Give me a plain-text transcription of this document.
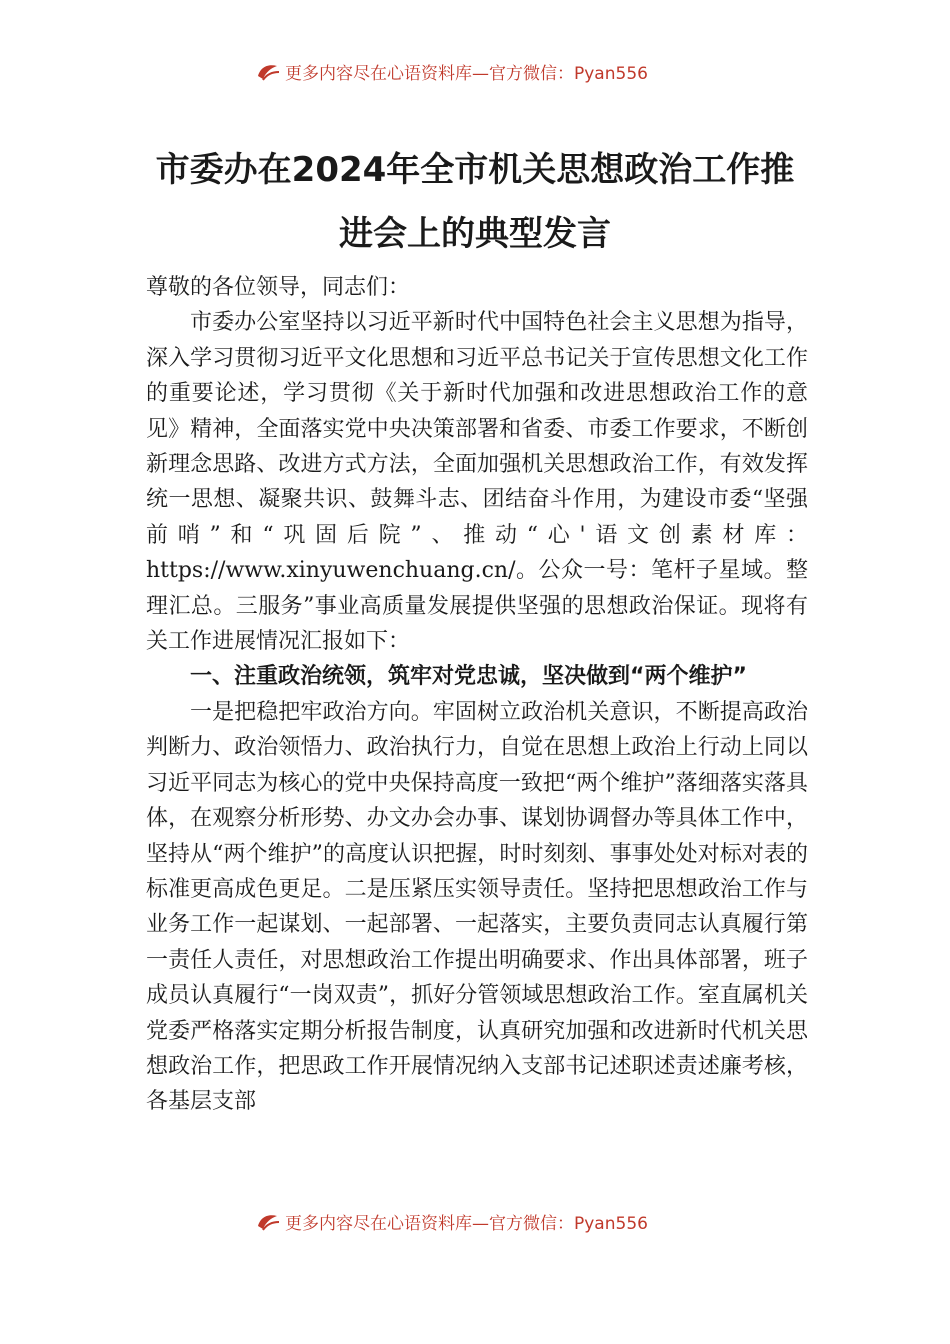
更多内容尽在心语资料库—官方微信：Pyan556
市委办在2024年全市机关思想政治工作推进会上的典型发言

尊敬的各位领导，同志们：

市委办公室坚持以习近平新时代中国特色社会主义思想为指导，深入学习贯彻习近平文化思想和习近平总书记关于宣传思想文化工作的重要论述，学习贯彻《关于新时代加强和改进思想政治工作的意见》精神，全面落实党中央决策部署和省委、市委工作要求，不断创新理念思路、改进方式方法，全面加强机关思想政治工作，有效发挥统一思想、凝聚共识、鼓舞斗志、团结奋斗作用，为建设市委“坚强前哨”和“巩固后院”、推动“心'语文创素材库：https://www.xinyuwenchuang.cn/。公众一号：笔杆子星域。整理汇总。三服务”事业高质量发展提供坚强的思想政治保证。现将有关工作进展情况汇报如下：

一、注重政治统领，筑牢对党忠诚，坚决做到“两个维护”

一是把稳把牢政治方向。牢固树立政治机关意识，不断提高政治判断力、政治领悟力、政治执行力，自觉在思想上政治上行动上同以习近平同志为核心的党中央保持高度一致把“两个维护”落细落实落具体，在观察分析形势、办文办会办事、谋划协调督办等具体工作中，坚持从“两个维护”的高度认识把握，时时刻刻、事事处处对标对表的标准更高成色更足。二是压紧压实领导责任。坚持把思想政治工作与业务工作一起谋划、一起部署、一起落实，主要负责同志认真履行第一责任人责任，对思想政治工作提出明确要求、作出具体部署，班子成员认真履行“一岗双责”，抓好分管领域思想政治工作。室直属机关党委严格落实定期分析报告制度，认真研究加强和改进新时代机关思想政治工作，把思政工作开展情况纳入支部书记述职述责述廉考核，各基层支部

更多内容尽在心语资料库—官方微信：Pyan556
